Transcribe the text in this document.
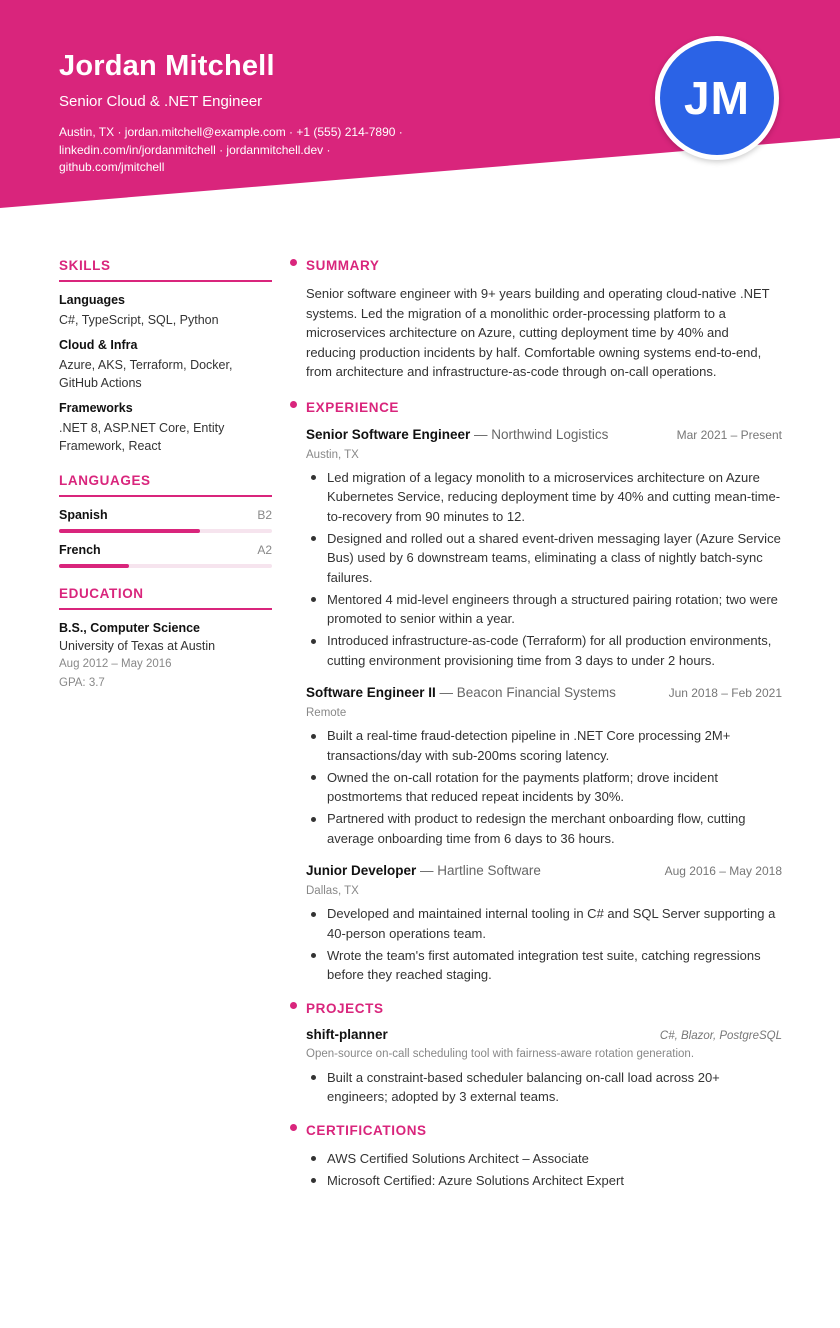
Jordan Mitchell
Senior Cloud & .NET Engineer
Austin, TX · jordan.mitchell@example.com · +1 (555) 214-7890 ·
linkedin.com/in/jordanmitchell · jordanmitchell.dev ·
github.com/jmitchell
JM
SKILLS
Languages
C#, TypeScript, SQL, Python
Cloud & Infra
Azure, AKS, Terraform, Docker, GitHub Actions
Frameworks
.NET 8, ASP.NET Core, Entity Framework, React
LANGUAGES
Spanish	B2
French	A2
EDUCATION
B.S., Computer Science
University of Texas at Austin
Aug 2012 – May 2016
GPA: 3.7
SUMMARY
Senior software engineer with 9+ years building and operating cloud-native .NET systems. Led the migration of a monolithic order-processing platform to a microservices architecture on Azure, cutting deployment time by 40% and reducing production incidents by half. Comfortable owning systems end-to-end, from architecture and infrastructure-as-code through on-call operations.
EXPERIENCE
Senior Software Engineer — Northwind Logistics	Mar 2021 – Present
Austin, TX
Led migration of a legacy monolith to a microservices architecture on Azure Kubernetes Service, reducing deployment time by 40% and cutting mean-time-to-recovery from 90 minutes to 12.
Designed and rolled out a shared event-driven messaging layer (Azure Service Bus) used by 6 downstream teams, eliminating a class of nightly batch-sync failures.
Mentored 4 mid-level engineers through a structured pairing rotation; two were promoted to senior within a year.
Introduced infrastructure-as-code (Terraform) for all production environments, cutting environment provisioning time from 3 days to under 2 hours.
Software Engineer II — Beacon Financial Systems	Jun 2018 – Feb 2021
Remote
Built a real-time fraud-detection pipeline in .NET Core processing 2M+ transactions/day with sub-200ms scoring latency.
Owned the on-call rotation for the payments platform; drove incident postmortems that reduced repeat incidents by 30%.
Partnered with product to redesign the merchant onboarding flow, cutting average onboarding time from 6 days to 36 hours.
Junior Developer — Hartline Software	Aug 2016 – May 2018
Dallas, TX
Developed and maintained internal tooling in C# and SQL Server supporting a 40-person operations team.
Wrote the team's first automated integration test suite, catching regressions before they reached staging.
PROJECTS
shift-planner	C#, Blazor, PostgreSQL
Open-source on-call scheduling tool with fairness-aware rotation generation.
Built a constraint-based scheduler balancing on-call load across 20+ engineers; adopted by 3 external teams.
CERTIFICATIONS
AWS Certified Solutions Architect – Associate
Microsoft Certified: Azure Solutions Architect Expert
